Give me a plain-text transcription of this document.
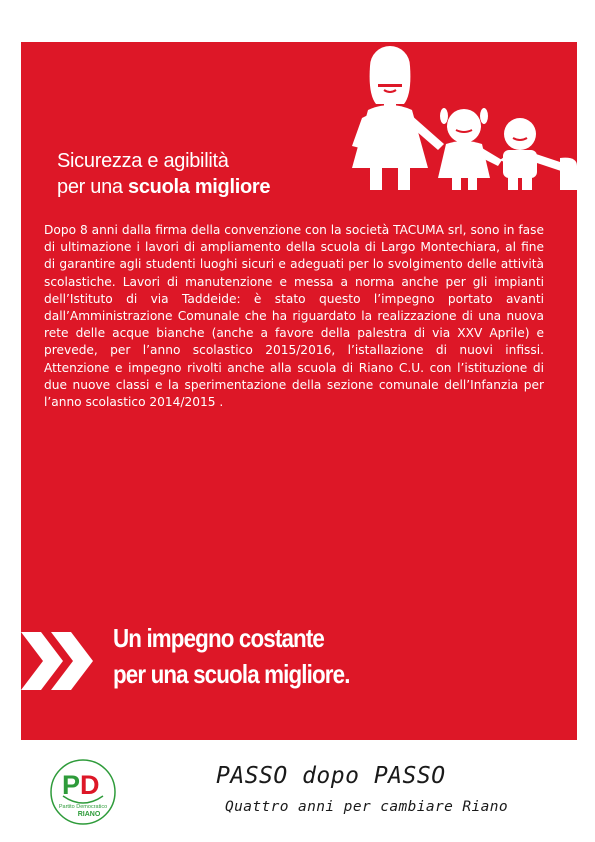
Sicurezza e agibilità
per una scuola migliore
Dopo 8 anni dalla firma della convenzione con la società TACUMA srl, sono in fase di ultimazione i lavori di ampliamento della scuola di Largo Montechiara, al fine di garantire agli studenti luoghi sicuri e adeguati per lo svolgimento delle attività scolastiche. Lavori di manutenzione e messa a norma anche per gli impianti dell’Istituto di via Taddeide: è stato questo l’impegno portato avanti dall’Amministrazione Comunale che ha riguardato la realizzazione di una nuova rete delle acque bianche (anche a favore della palestra di via XXV Aprile) e prevede, per l’anno scolastico 2015/2016, l’istallazione di nuovi infissi. Attenzione e impegno rivolti anche alla scuola di Riano C.U. con l’istituzione di due nuove classi e la sperimentazione della sezione comunale dell’Infanzia per l’anno scolastico 2014/2015 .
Un impegno costante
per una scuola migliore.
P D
Partito Democratico
RIANO
PASSO dopo PASSO
Quattro anni per cambiare Riano
